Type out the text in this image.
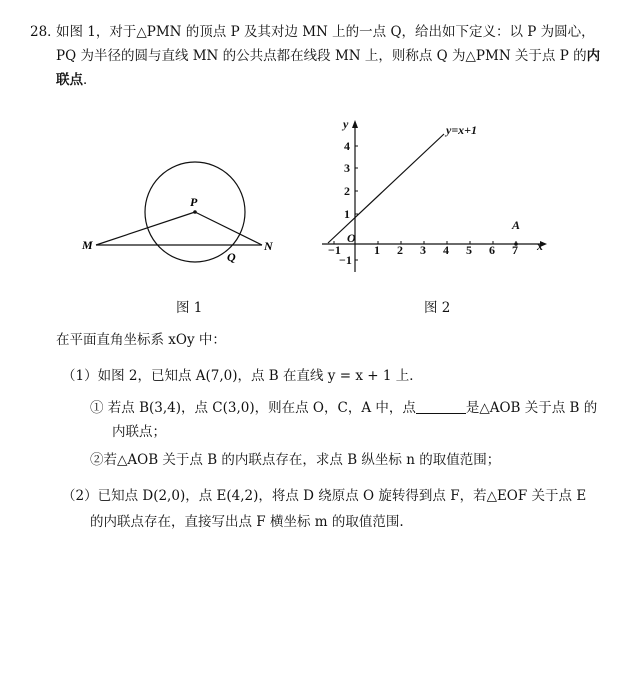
28．
如图 1，对于△PMN 的顶点 P 及其对边 MN 上的一点 Q，给出如下定义：以 P 为圆心，
PQ 为半径的圆与直线 MN 的公共点都在线段 MN 上，则称点 Q 为△PMN 关于点 P 的内
联点．
P
M	N
Q
y
x
y=x+1
O
A
−1	1 2 3 4 5 6 7
4
3
2
1
−1
图 1	图 2
在平面直角坐标系 xOy 中：
（1）如图 2，已知点 A(7,0)，点 B 在直线 y = x + 1 上．
① 若点 B(3,4)，点 C(3,0)，则在点 O，C，A 中，点	是△AOB 关于点 B 的
内联点；
②若△AOB 关于点 B 的内联点存在，求点 B 纵坐标 n 的取值范围；
（2）已知点 D(2,0)，点 E(4,2)，将点 D 绕原点 O 旋转得到点 F，若△EOF 关于点 E
的内联点存在，直接写出点 F 横坐标 m 的取值范围.
